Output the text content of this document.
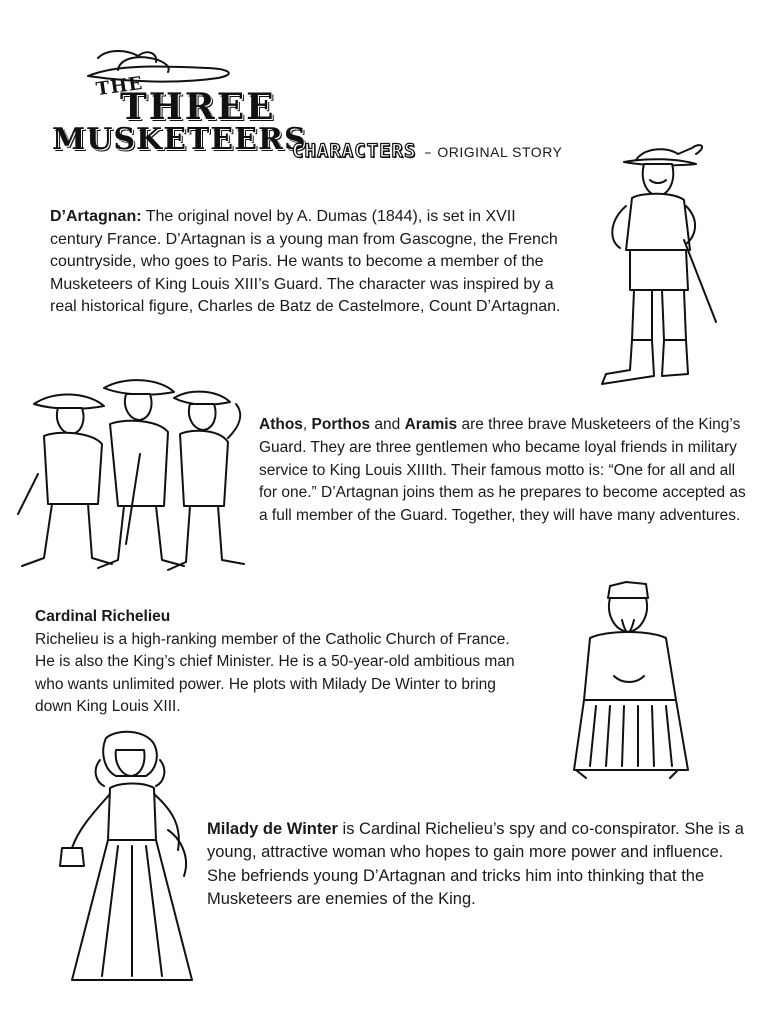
THE
THREE
MUSKETEERS
CHARACTERS – ORIGINAL STORY
D’Artagnan: The original novel by A. Dumas (1844), is set in XVII century France. D’Artagnan is a young man from Gascogne, the French countryside, who goes to Paris. He wants to become a member of the Musketeers of King Louis XIII’s Guard. The character was inspired by a real historical figure, Charles de Batz de Castelmore, Count D’Artagnan.
Athos, Porthos and Aramis are three brave Musketeers of the King’s Guard. They are three gentlemen who became loyal friends in military service to King Louis XIIIth. Their famous motto is: “One for all and all for one.” D’Artagnan joins them as he prepares to become accepted as a full member of the Guard. Together, they will have many adventures.
Cardinal Richelieu
Richelieu is a high-ranking member of the Catholic Church of France. He is also the King’s chief Minister. He is a 50-year-old ambitious man who wants unlimited power. He plots with Milady De Winter to bring down King Louis XIII.
Milady de Winter is Cardinal Richelieu’s spy and co-conspirator. She is a young, attractive woman who hopes to gain more power and influence. She befriends young D’Artagnan and tricks him into thinking that the Musketeers are enemies of the King.
